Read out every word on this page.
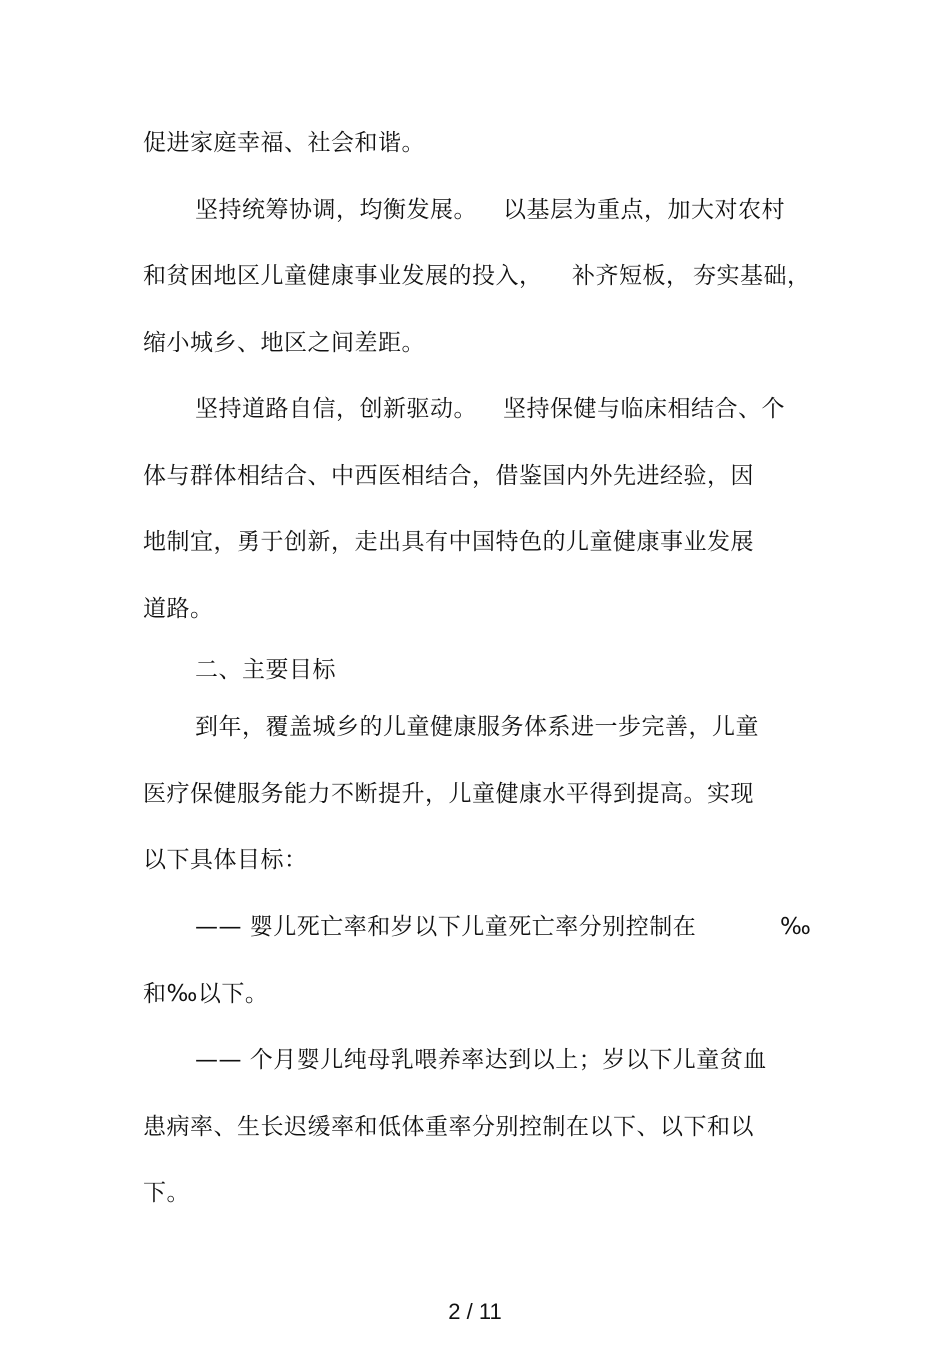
促进家庭幸福、社会和谐。
坚持统筹协调，均衡发展。 以基层为重点，加大对农村
和贫困地区儿童健康事业发展的投入， 补齐短板， 夯实基础，
缩小城乡、地区之间差距。
坚持道路自信，创新驱动。 坚持保健与临床相结合、个
体与群体相结合、中西医相结合，借鉴国内外先进经验，因
地制宜，勇于创新，走出具有中国特色的儿童健康事业发展
道路。
二、主要目标
到年，覆盖城乡的儿童健康服务体系进一步完善，儿童
医疗保健服务能力不断提升，儿童健康水平得到提高。实现
以下具体目标：
—— 婴儿死亡率和岁以下儿童死亡率分别控制在	‰
和‰以下。
—— 个月婴儿纯母乳喂养率达到以上；岁以下儿童贫血
患病率、生长迟缓率和低体重率分别控制在以下、以下和以
下。
2 / 11
